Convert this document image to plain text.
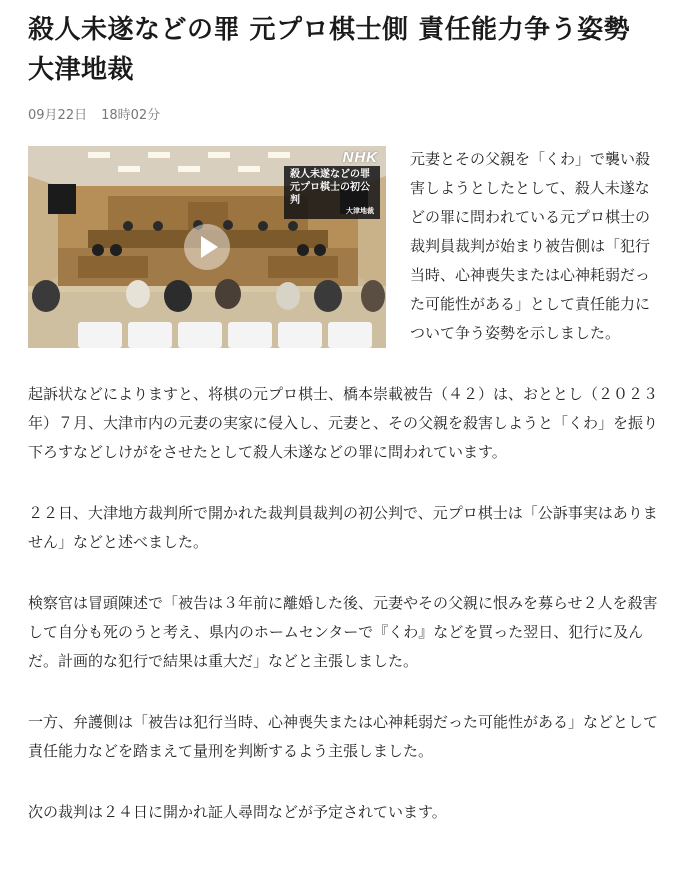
殺人未遂などの罪 元プロ棋士側 責任能力争う姿勢 大津地裁
09月22日 18時02分
NHK
殺人未遂などの罪
元プロ棋士の初公判
大津地裁

元妻とその父親を「くわ」で襲い殺害しようとしたとして、殺人未遂などの罪に問われている元プロ棋士の裁判員裁判が始まり被告側は「犯行当時、心神喪失または心神耗弱だった可能性がある」として責任能力について争う姿勢を示しました。

起訴状などによりますと、将棋の元プロ棋士、橋本崇載被告（４２）は、おととし（２０２３年）７月、大津市内の元妻の実家に侵入し、元妻と、その父親を殺害しようと「くわ」を振り下ろすなどしけがをさせたとして殺人未遂などの罪に問われています。

２２日、大津地方裁判所で開かれた裁判員裁判の初公判で、元プロ棋士は「公訴事実はありません」などと述べました。

検察官は冒頭陳述で「被告は３年前に離婚した後、元妻やその父親に恨みを募らせ２人を殺害して自分も死のうと考え、県内のホームセンターで『くわ』などを買った翌日、犯行に及んだ。計画的な犯行で結果は重大だ」などと主張しました。

一方、弁護側は「被告は犯行当時、心神喪失または心神耗弱だった可能性がある」などとして責任能力などを踏まえて量刑を判断するよう主張しました。

次の裁判は２４日に開かれ証人尋問などが予定されています。
